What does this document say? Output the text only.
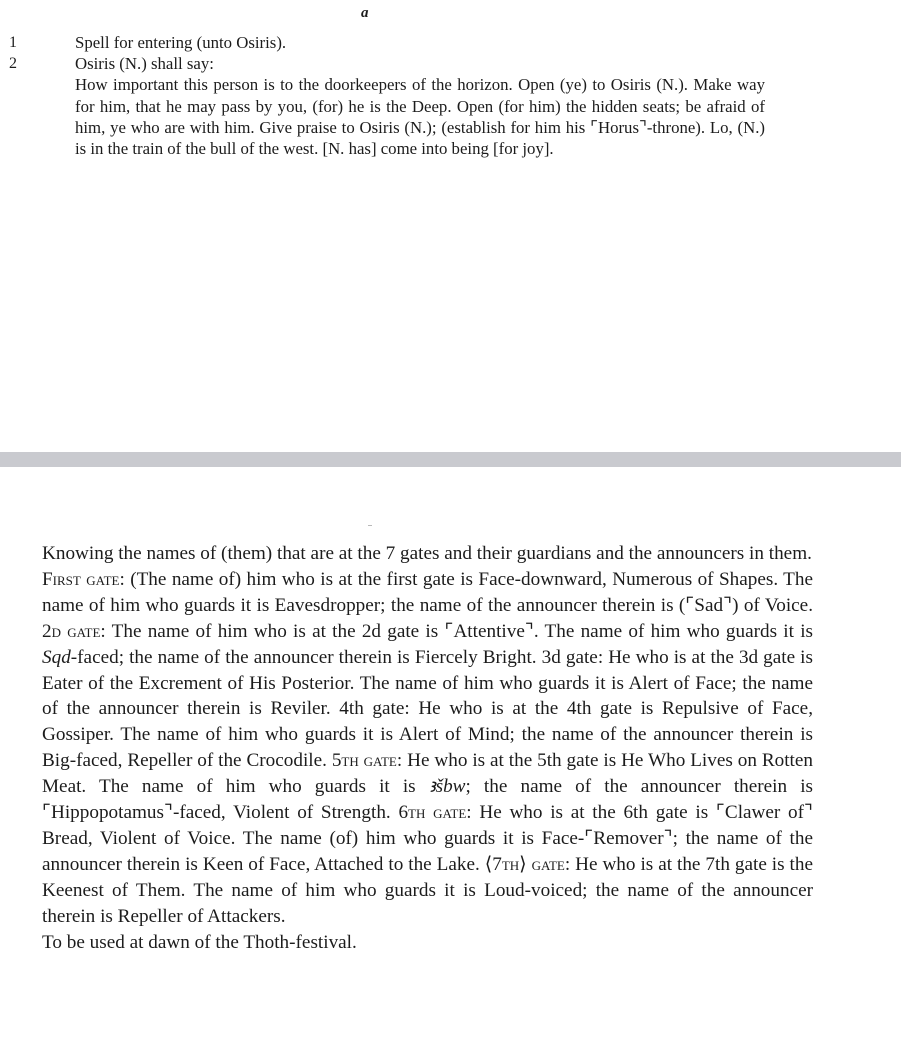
a
1
2

Spell for entering (unto Osiris).

Osiris (N.) shall say:

How important this person is to the doorkeepers of the horizon. Open (ye) to Osiris (N.). Make way for him, that he may pass by you, (for) he is the Deep. Open (for him) the hidden seats; be afraid of him, ye who are with him. Give praise to Osiris (N.); (establish for him his ⌜Horus⌝-throne). Lo, (N.) is in the train of the bull of the west. [N. has] come into being [for joy].

Knowing the names of (them) that are at the 7 gates and their guardians and the announcers in them.

First gate: (The name of) him who is at the first gate is Face-downward, Numerous of Shapes. The name of him who guards it is Eavesdropper; the name of the announcer therein is (⌜Sad⌝) of Voice. 2d gate: The name of him who is at the 2d gate is ⌜Attentive⌝. The name of him who guards it is Sqd-faced; the name of the announcer therein is Fiercely Bright. 3d gate: He who is at the 3d gate is Eater of the Excrement of His Posterior. The name of him who guards it is Alert of Face; the name of the announcer therein is Reviler. 4th gate: He who is at the 4th gate is Repulsive of Face, Gossiper. The name of him who guards it is Alert of Mind; the name of the announcer therein is Big-faced, Repeller of the Crocodile. 5th gate: He who is at the 5th gate is He Who Lives on Rotten Meat. The name of him who guards it is ꜣšbw; the name of the announcer therein is ⌜Hippopotamus⌝-faced, Violent of Strength. 6th gate: He who is at the 6th gate is ⌜Clawer of⌝ Bread, Violent of Voice. The name (of) him who guards it is Face-⌜Remover⌝; the name of the announcer therein is Keen of Face, Attached to the Lake. ⟨7th⟩ gate: He who is at the 7th gate is the Keenest of Them. The name of him who guards it is Loud-voiced; the name of the announcer therein is Repeller of Attackers.

To be used at dawn of the Thoth-festival.
